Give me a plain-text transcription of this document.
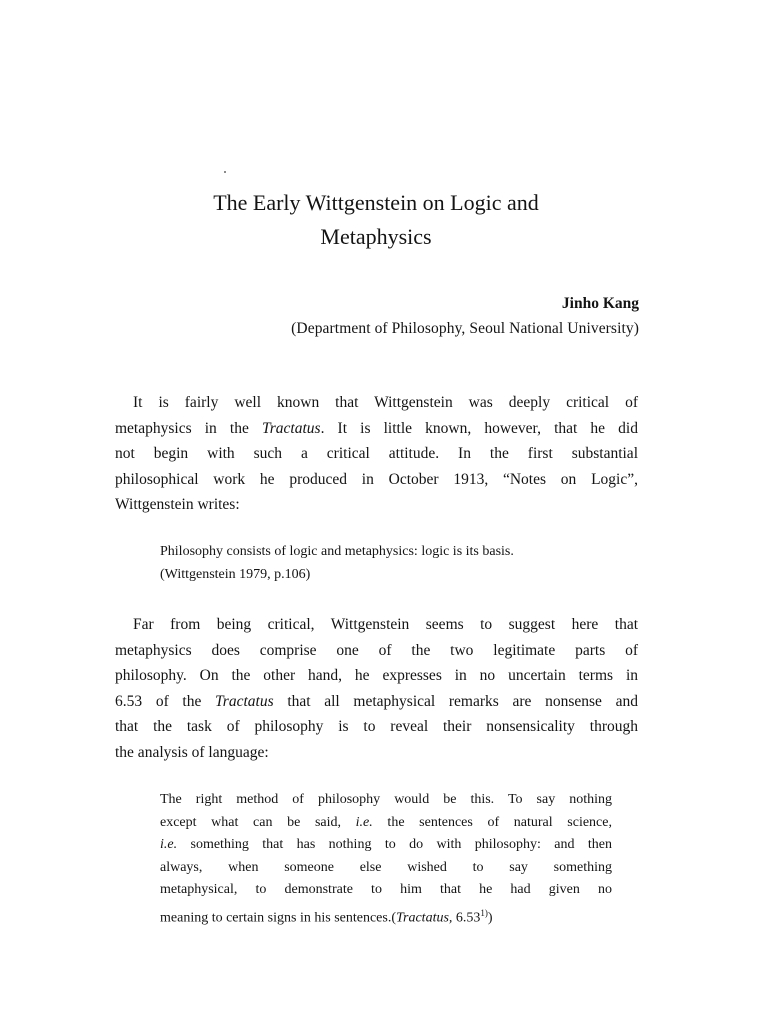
The Early Wittgenstein on Logic and
Metaphysics
Jinho Kang
(Department of Philosophy, Seoul National University)

It is fairly well known that Wittgenstein was deeply critical of
metaphysics in the Tractatus. It is little known, however, that he did
not begin with such a critical attitude. In the first substantial
philosophical work he produced in October 1913, “Notes on Logic”,
Wittgenstein writes:

Philosophy consists of logic and metaphysics: logic is its basis.
(Wittgenstein 1979, p.106)

Far from being critical, Wittgenstein seems to suggest here that
metaphysics does comprise one of the two legitimate parts of
philosophy. On the other hand, he expresses in no uncertain terms in
6.53 of the Tractatus that all metaphysical remarks are nonsense and
that the task of philosophy is to reveal their nonsensicality through
the analysis of language:

The right method of philosophy would be this. To say nothing
except what can be said, i.e. the sentences of natural science,
i.e. something that has nothing to do with philosophy: and then
always, when someone else wished to say something
metaphysical, to demonstrate to him that he had given no
meaning to certain signs in his sentences.(Tractatus, 6.53$^{1)}$)
